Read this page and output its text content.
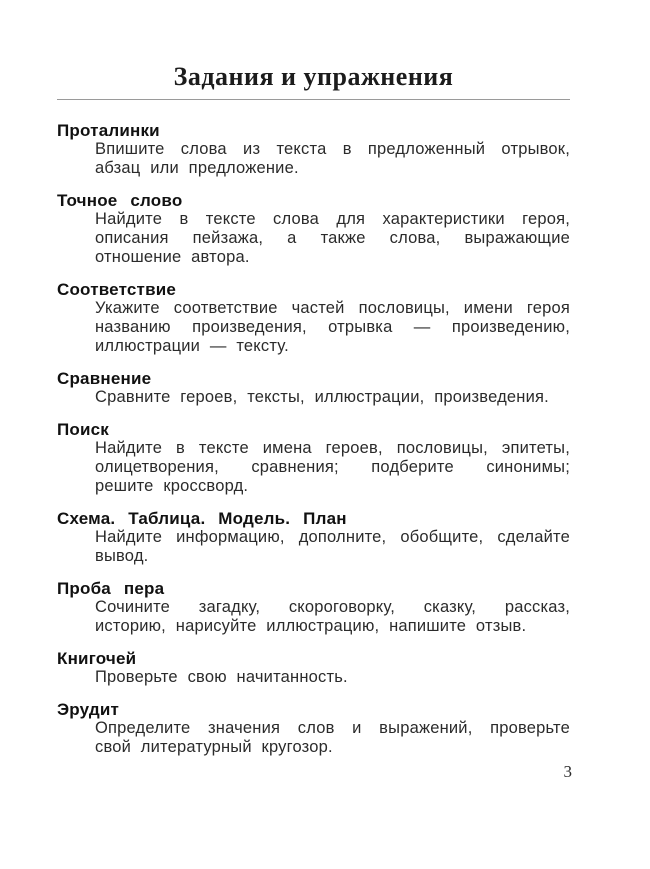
Задания и упражнения
Проталинки

Впишите слова из текста в предложенный отрывок, абзац или предложение.

Точное слово

Найдите в тексте слова для характеристики героя, описания пейзажа, а также слова, выражающие отношение автора.

Соответствие

Укажите соответствие частей пословицы, имени героя названию произведения, отрывка — произведению, иллюстрации — тексту.

Сравнение

Сравните героев, тексты, иллюстрации, произведения.

Поиск

Найдите в тексте имена героев, пословицы, эпитеты, олицетворения, сравнения; подберите синонимы; решите кроссворд.

Схема. Таблица. Модель. План

Найдите информацию, дополните, обобщите, сделайте вывод.

Проба пера

Сочините загадку, скороговорку, сказку, рассказ, историю, нарисуйте иллюстрацию, напишите отзыв.

Книгочей

Проверьте свою начитанность.

Эрудит

Определите значения слов и выражений, проверьте свой литературный кругозор.

3
